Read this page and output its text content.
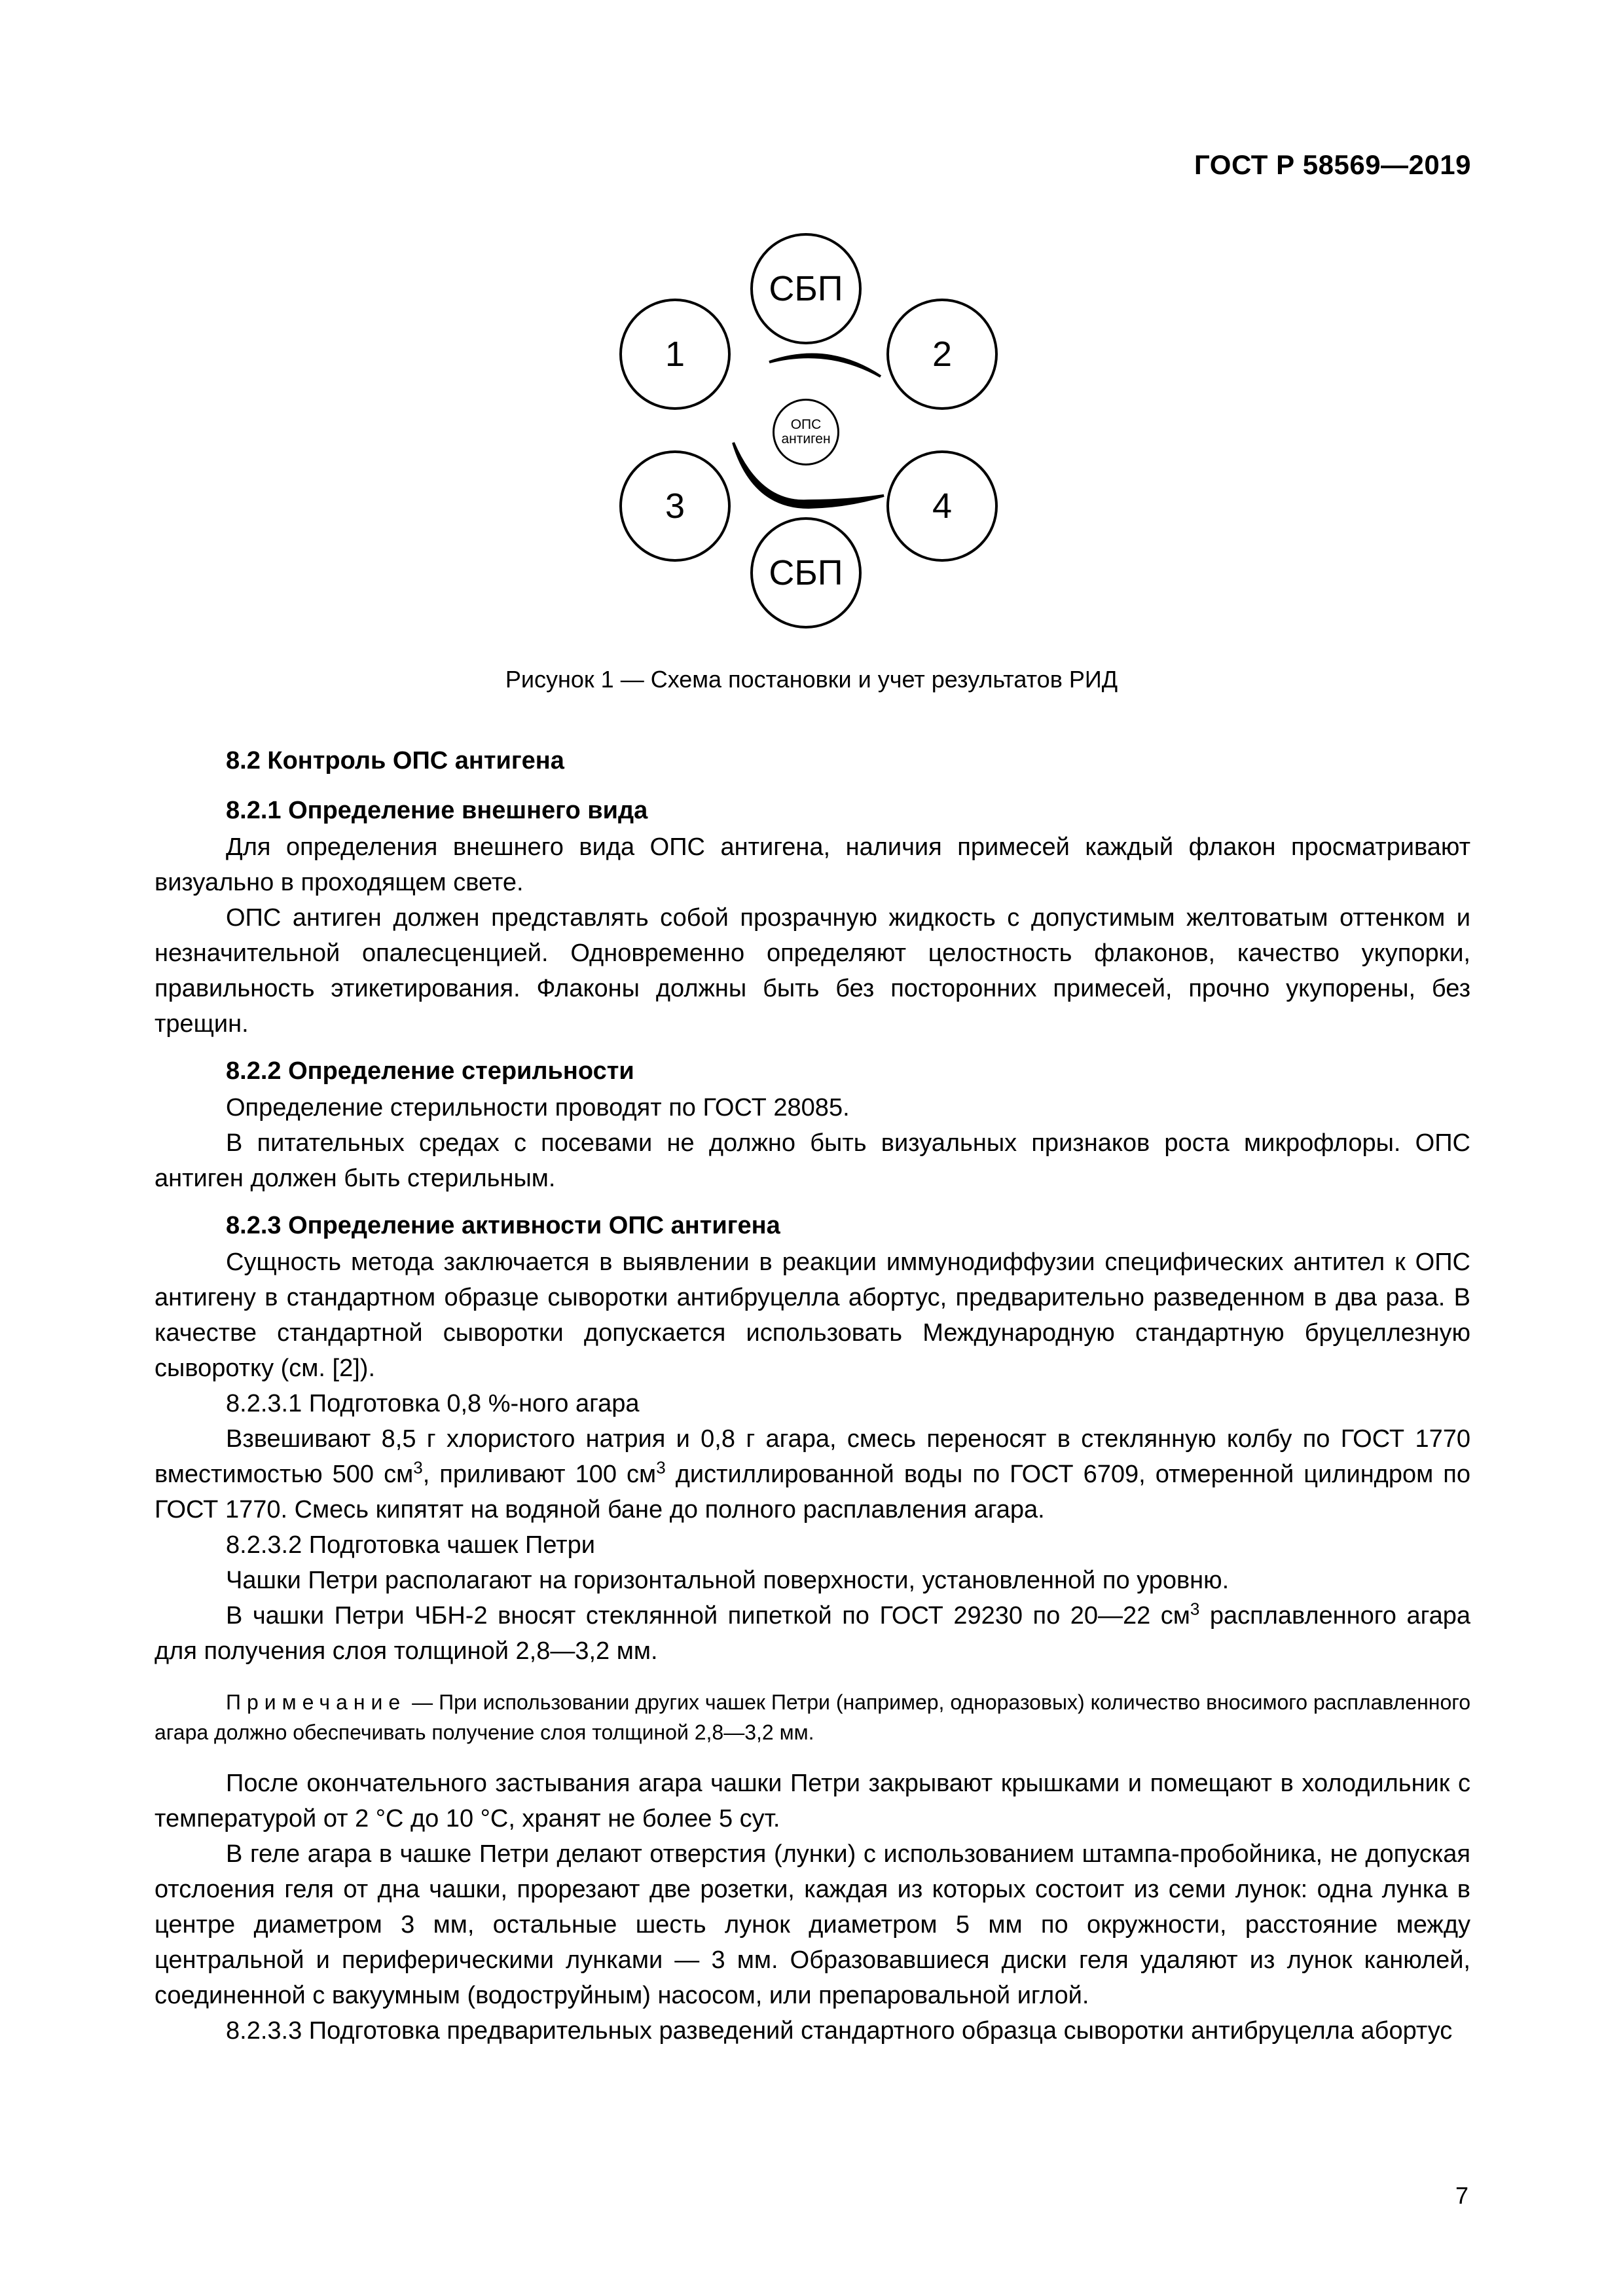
ГОСТ Р 58569—2019
СБП
1	2
3	4
СБП
ОПС
антиген
Рисунок 1 — Схема постановки и учет результатов РИД
8.2 Контроль ОПС антигена
8.2.1 Определение внешнего вида

Для определения внешнего вида ОПС антигена, наличия примесей каждый флакон просматривают визуально в проходящем свете.

ОПС антиген должен представлять собой прозрачную жидкость с допустимым желтоватым оттенком и незначительной опалесценцией. Одновременно определяют целостность флаконов, качество укупорки, правильность этикетирования. Флаконы должны быть без посторонних примесей, прочно укупорены, без трещин.

8.2.2 Определение стерильности

Определение стерильности проводят по ГОСТ 28085.

В питательных средах с посевами не должно быть визуальных признаков роста микрофлоры. ОПС антиген должен быть стерильным.

8.2.3 Определение активности ОПС антигена

Сущность метода заключается в выявлении в реакции иммунодиффузии специфических антител к ОПС антигену в стандартном образце сыворотки антибруцелла абортус, предварительно разведенном в два раза. В качестве стандартной сыворотки допускается использовать Международную стандартную бруцеллезную сыворотку (см. [2]).

8.2.3.1 Подготовка 0,8 %-ного агара

Взвешивают 8,5 г хлористого натрия и 0,8 г агара, смесь переносят в стеклянную колбу по ГОСТ 1770 вместимостью 500 $см^3$, приливают 100 $см^3$ дистиллированной воды по ГОСТ 6709, отмеренной цилиндром по ГОСТ 1770. Смесь кипятят на водяной бане до полного расплавления агара.

8.2.3.2 Подготовка чашек Петри

Чашки Петри располагают на горизонтальной поверхности, установленной по уровню.

В чашки Петри ЧБН-2 вносят стеклянной пипеткой по ГОСТ 29230 по 20—22 $см^3$ расплавленного агара для получения слоя толщиной 2,8—3,2 мм.

Примечание — При использовании других чашек Петри (например, одноразовых) количество вносимого расплавленного агара должно обеспечивать получение слоя толщиной 2,8—3,2 мм.

После окончательного застывания агара чашки Петри закрывают крышками и помещают в холодильник с температурой от 2 °С до 10 °С, хранят не более 5 сут.

В геле агара в чашке Петри делают отверстия (лунки) с использованием штампа-пробойника, не допуская отслоения геля от дна чашки, прорезают две розетки, каждая из которых состоит из семи лунок: одна лунка в центре диаметром 3 мм, остальные шесть лунок диаметром 5 мм по окружности, расстояние между центральной и периферическими лунками — 3 мм. Образовавшиеся диски геля удаляют из лунок канюлей, соединенной с вакуумным (водоструйным) насосом, или препаровальной иглой.

8.2.3.3 Подготовка предварительных разведений стандартного образца сыворотки антибруцелла абортус

7
